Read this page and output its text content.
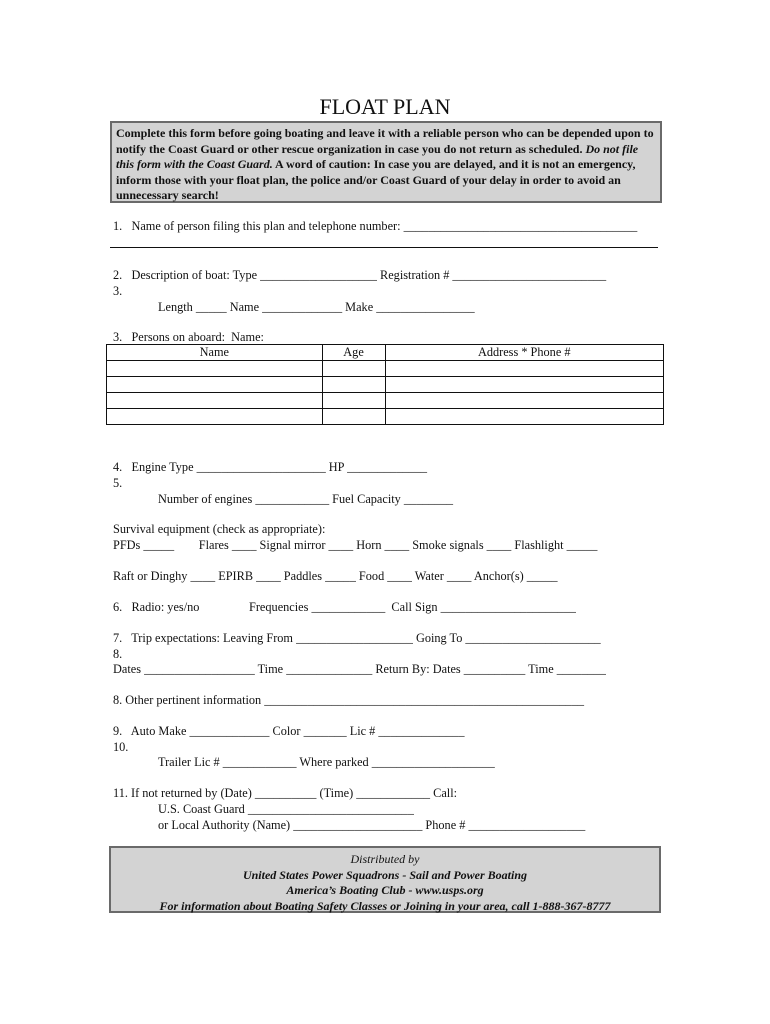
FLOAT PLAN
Complete this form before going boating and leave it with a reliable person who can be depended upon to notify the Coast Guard or other rescue organization in case you do not return as scheduled. Do not file this form with the Coast Guard. A word of caution: In case you are delayed, and it is not an emergency, inform those with your float plan, the police and/or Coast Guard of your delay in order to avoid an unnecessary search!
1.   Name of person filing this plan and telephone number: ______________________________________
2.   Description of boat: Type ___________________ Registration # _________________________
3.
Length _____ Name _____________ Make ________________
3.   Persons on aboard:  Name:
Name	Age	Address * Phone #

4.   Engine Type _____________________ HP _____________
5.
Number of engines ____________ Fuel Capacity ________
Survival equipment (check as appropriate):
PFDs _____        Flares ____ Signal mirror ____ Horn ____ Smoke signals ____ Flashlight _____
Raft or Dinghy ____ EPIRB ____ Paddles _____ Food ____ Water ____ Anchor(s) _____
6.   Radio: yes/no	Frequencies ____________  Call Sign ______________________
7.   Trip expectations: Leaving From ___________________ Going To ______________________
8.
Dates __________________ Time ______________ Return By: Dates __________ Time ________
8. Other pertinent information ____________________________________________________
9.   Auto Make _____________ Color _______ Lic # ______________
10.
Trailer Lic # ____________ Where parked ____________________
11. If not returned by (Date) __________ (Time) ____________ Call:
U.S. Coast Guard ___________________________
or Local Authority (Name) _____________________ Phone # ___________________
Distributed by
United States Power Squadrons - Sail and Power Boating
America’s Boating Club - www.usps.org
For information about Boating Safety Classes or Joining in your area, call 1-888-367-8777
